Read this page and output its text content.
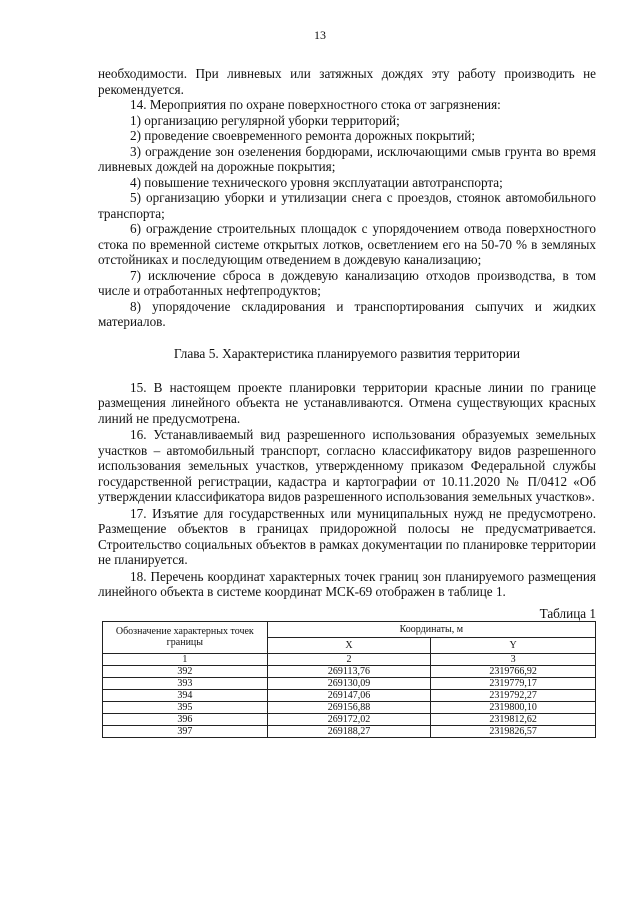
13

необходимости. При ливневых или затяжных дождях эту работу производить не рекомендуется.

14. Мероприятия по охране поверхностного стока от загрязнения:

1) организацию регулярной уборки территорий;

2) проведение своевременного ремонта дорожных покрытий;

3) ограждение зон озеленения бордюрами, исключающими смыв грунта во время ливневых дождей на дорожные покрытия;

4) повышение технического уровня эксплуатации автотранспорта;

5) организацию уборки и утилизации снега с проездов, стоянок автомобильного транспорта;

6) ограждение строительных площадок с упорядочением отвода поверхностного стока по временной системе открытых лотков, осветлением его на 50-70 % в земляных отстойниках и последующим отведением в дождевую канализацию;

7) исключение сброса в дождевую канализацию отходов производства, в том числе и отработанных нефтепродуктов;

8) упорядочение складирования и транспортирования сыпучих и жидких материалов.

Глава 5. Характеристика планируемого развития территории

15. В настоящем проекте планировки территории красные линии по границе размещения линейного объекта не устанавливаются. Отмена существующих красных линий не предусмотрена.

16. Устанавливаемый вид разрешенного использования образуемых земельных участков – автомобильный транспорт, согласно классификатору видов разрешенного использования земельных участков, утвержденному приказом Федеральной службы государственной регистрации, кадастра и картографии от 10.11.2020 № П/0412 «Об утверждении классификатора видов разрешенного использования земельных участков».

17. Изъятие для государственных или муниципальных нужд не предусмотрено. Размещение объектов в границах придорожной полосы не предусматривается. Строительство социальных объектов в рамках документации по планировке территории не планируется.

18. Перечень координат характерных точек границ зон планируемого размещения линейного объекта в системе координат МСК-69 отображен в таблице 1.

Таблица 1
Обозначение характерных точек границы	Координаты, м	
	X	Y
1	2	3
392	269113,76	2319766,92
393	269130,09	2319779,17
394	269147,06	2319792,27
395	269156,88	2319800,10
396	269172,02	2319812,62
397	269188,27	2319826,57
